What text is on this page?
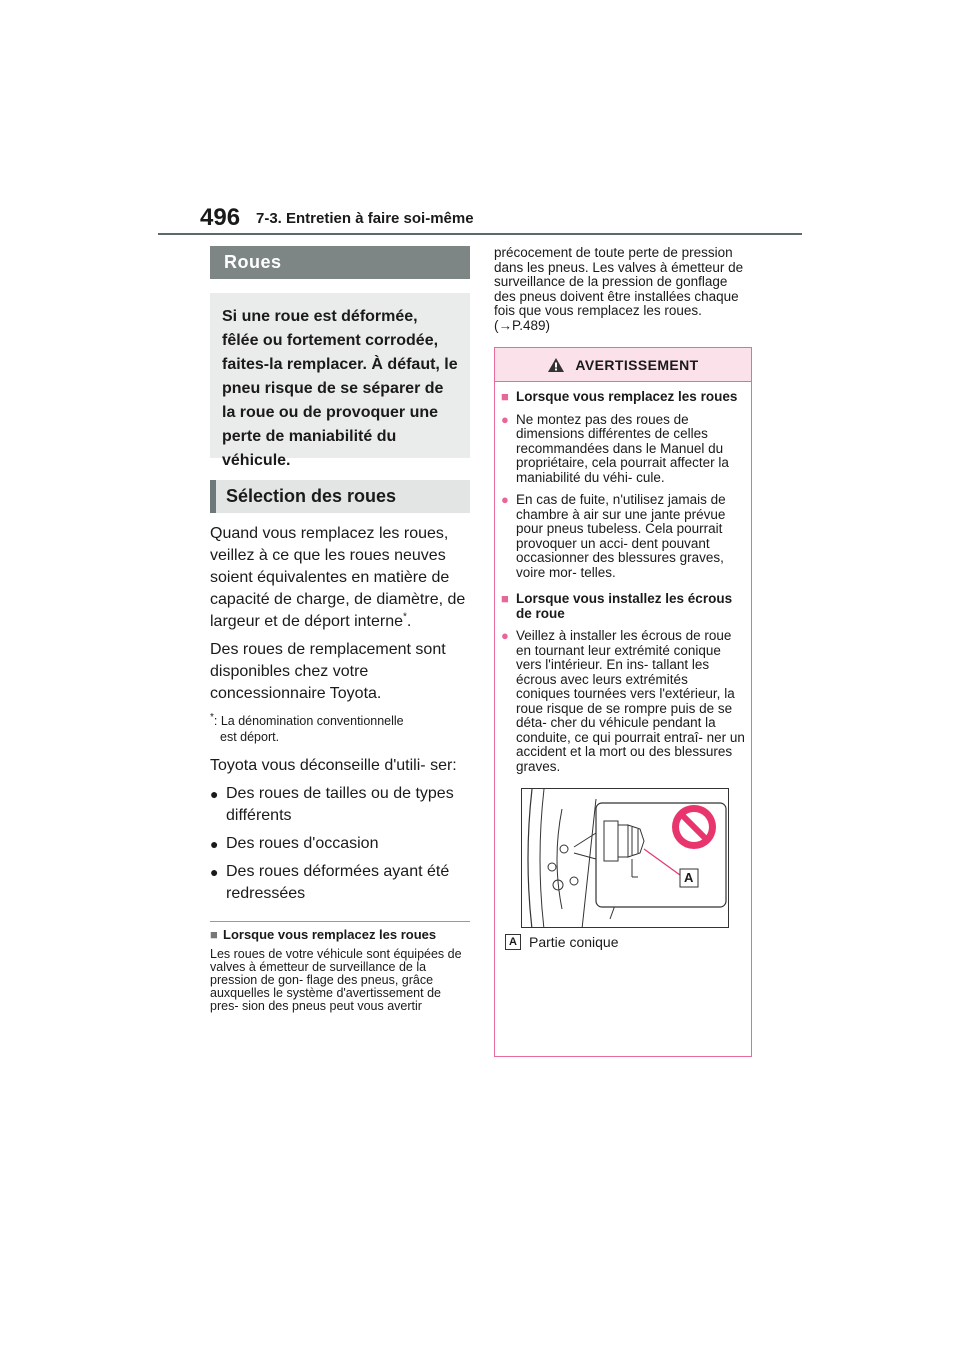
496 7-3. Entretien à faire soi-même
Roues
Si une roue est déformée, fêlée ou fortement corrodée, faites-la remplacer. À défaut, le pneu risque de se séparer de la roue ou de provoquer une perte de maniabilité du véhicule.
Sélection des roues

Quand vous remplacez les roues, veillez à ce que les roues neuves soient équivalentes en matière de capacité de charge, de diamètre, de largeur et de déport interne*.

Des roues de remplacement sont disponibles chez votre concessionnaire Toyota.

*: La dénomination conventionnelle
est déport.

Toyota vous déconseille d'utili- ser:

● Des roues de tailles ou de types différents
● Des roues d'occasion
● Des roues déformées ayant été redressées
■ Lorsque vous remplacez les roues

Les roues de votre véhicule sont équipées de valves à émetteur de surveillance de la pression de gon- flage des pneus, grâce auxquelles le système d'avertissement de pres- sion des pneus peut vous avertir

précocement de toute perte de pression dans les pneus. Les valves à émetteur de surveillance de la pression de gonflage des pneus doivent être installées chaque fois que vous remplacez les roues.
(→P.489)

AVERTISSEMENT
■ Lorsque vous remplacez les roues
● Ne montez pas des roues de dimensions différentes de celles recommandées dans le Manuel du propriétaire, cela pourrait affecter la maniabilité du véhi- cule.
● En cas de fuite, n'utilisez jamais de chambre à air sur une jante prévue pour pneus tubeless. Cela pourrait provoquer un acci- dent pouvant occasionner des blessures graves, voire mor- telles.
■ Lorsque vous installez les écrous de roue
● Veillez à installer les écrous de roue en tournant leur extrémité conique vers l'intérieur. En ins- tallant les écrous avec leurs extrémités coniques tournées vers l'extérieur, la roue risque de se rompre puis de se déta- cher du véhicule pendant la conduite, ce qui pourrait entraî- ner un accident et la mort ou des blessures graves.
A
A Partie conique
